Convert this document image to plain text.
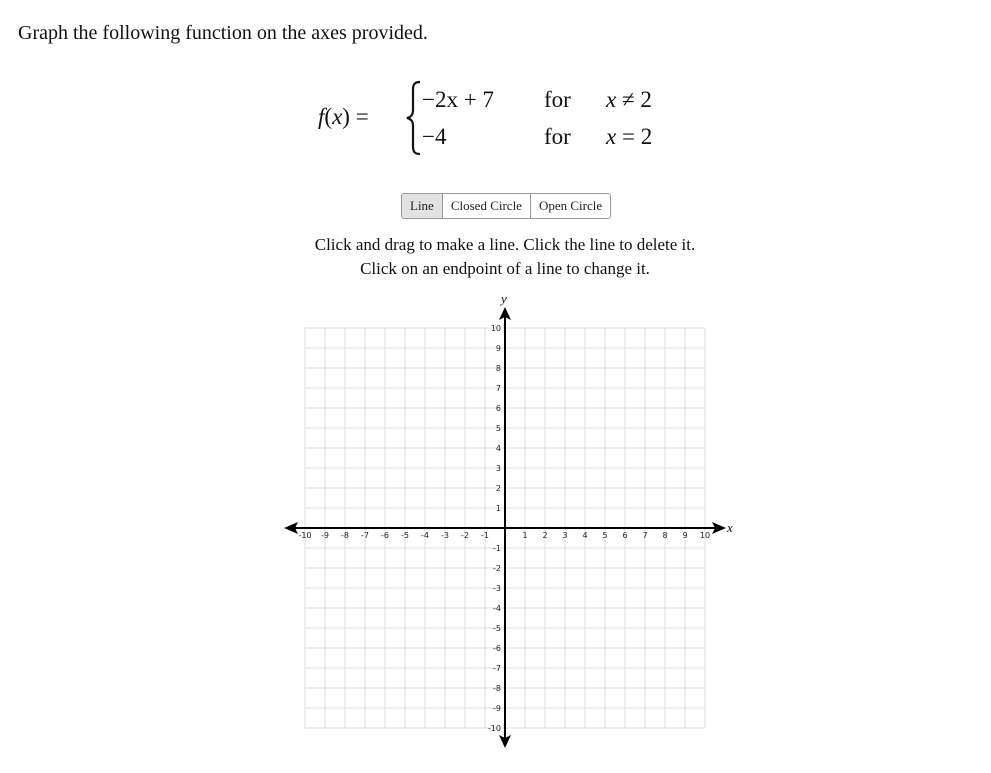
Graph the following function on the axes provided.
f(x) =
−2x + 7 for x ≠ 2
−4	for x = 2
Line	Closed Circle	Open Circle
Click and drag to make a line. Click the line to delete it.
Click on an endpoint of a line to change it.
-10 -9 -8 -7 -6 -5 -4 -3 -2 -1	1 2 3 4 5 6 7 8 9 10
10
9
8
7
6
5
4
3
2
1
-1
-2
-3
-4
-5
-6
-7
-8
-9
-10
x
y
